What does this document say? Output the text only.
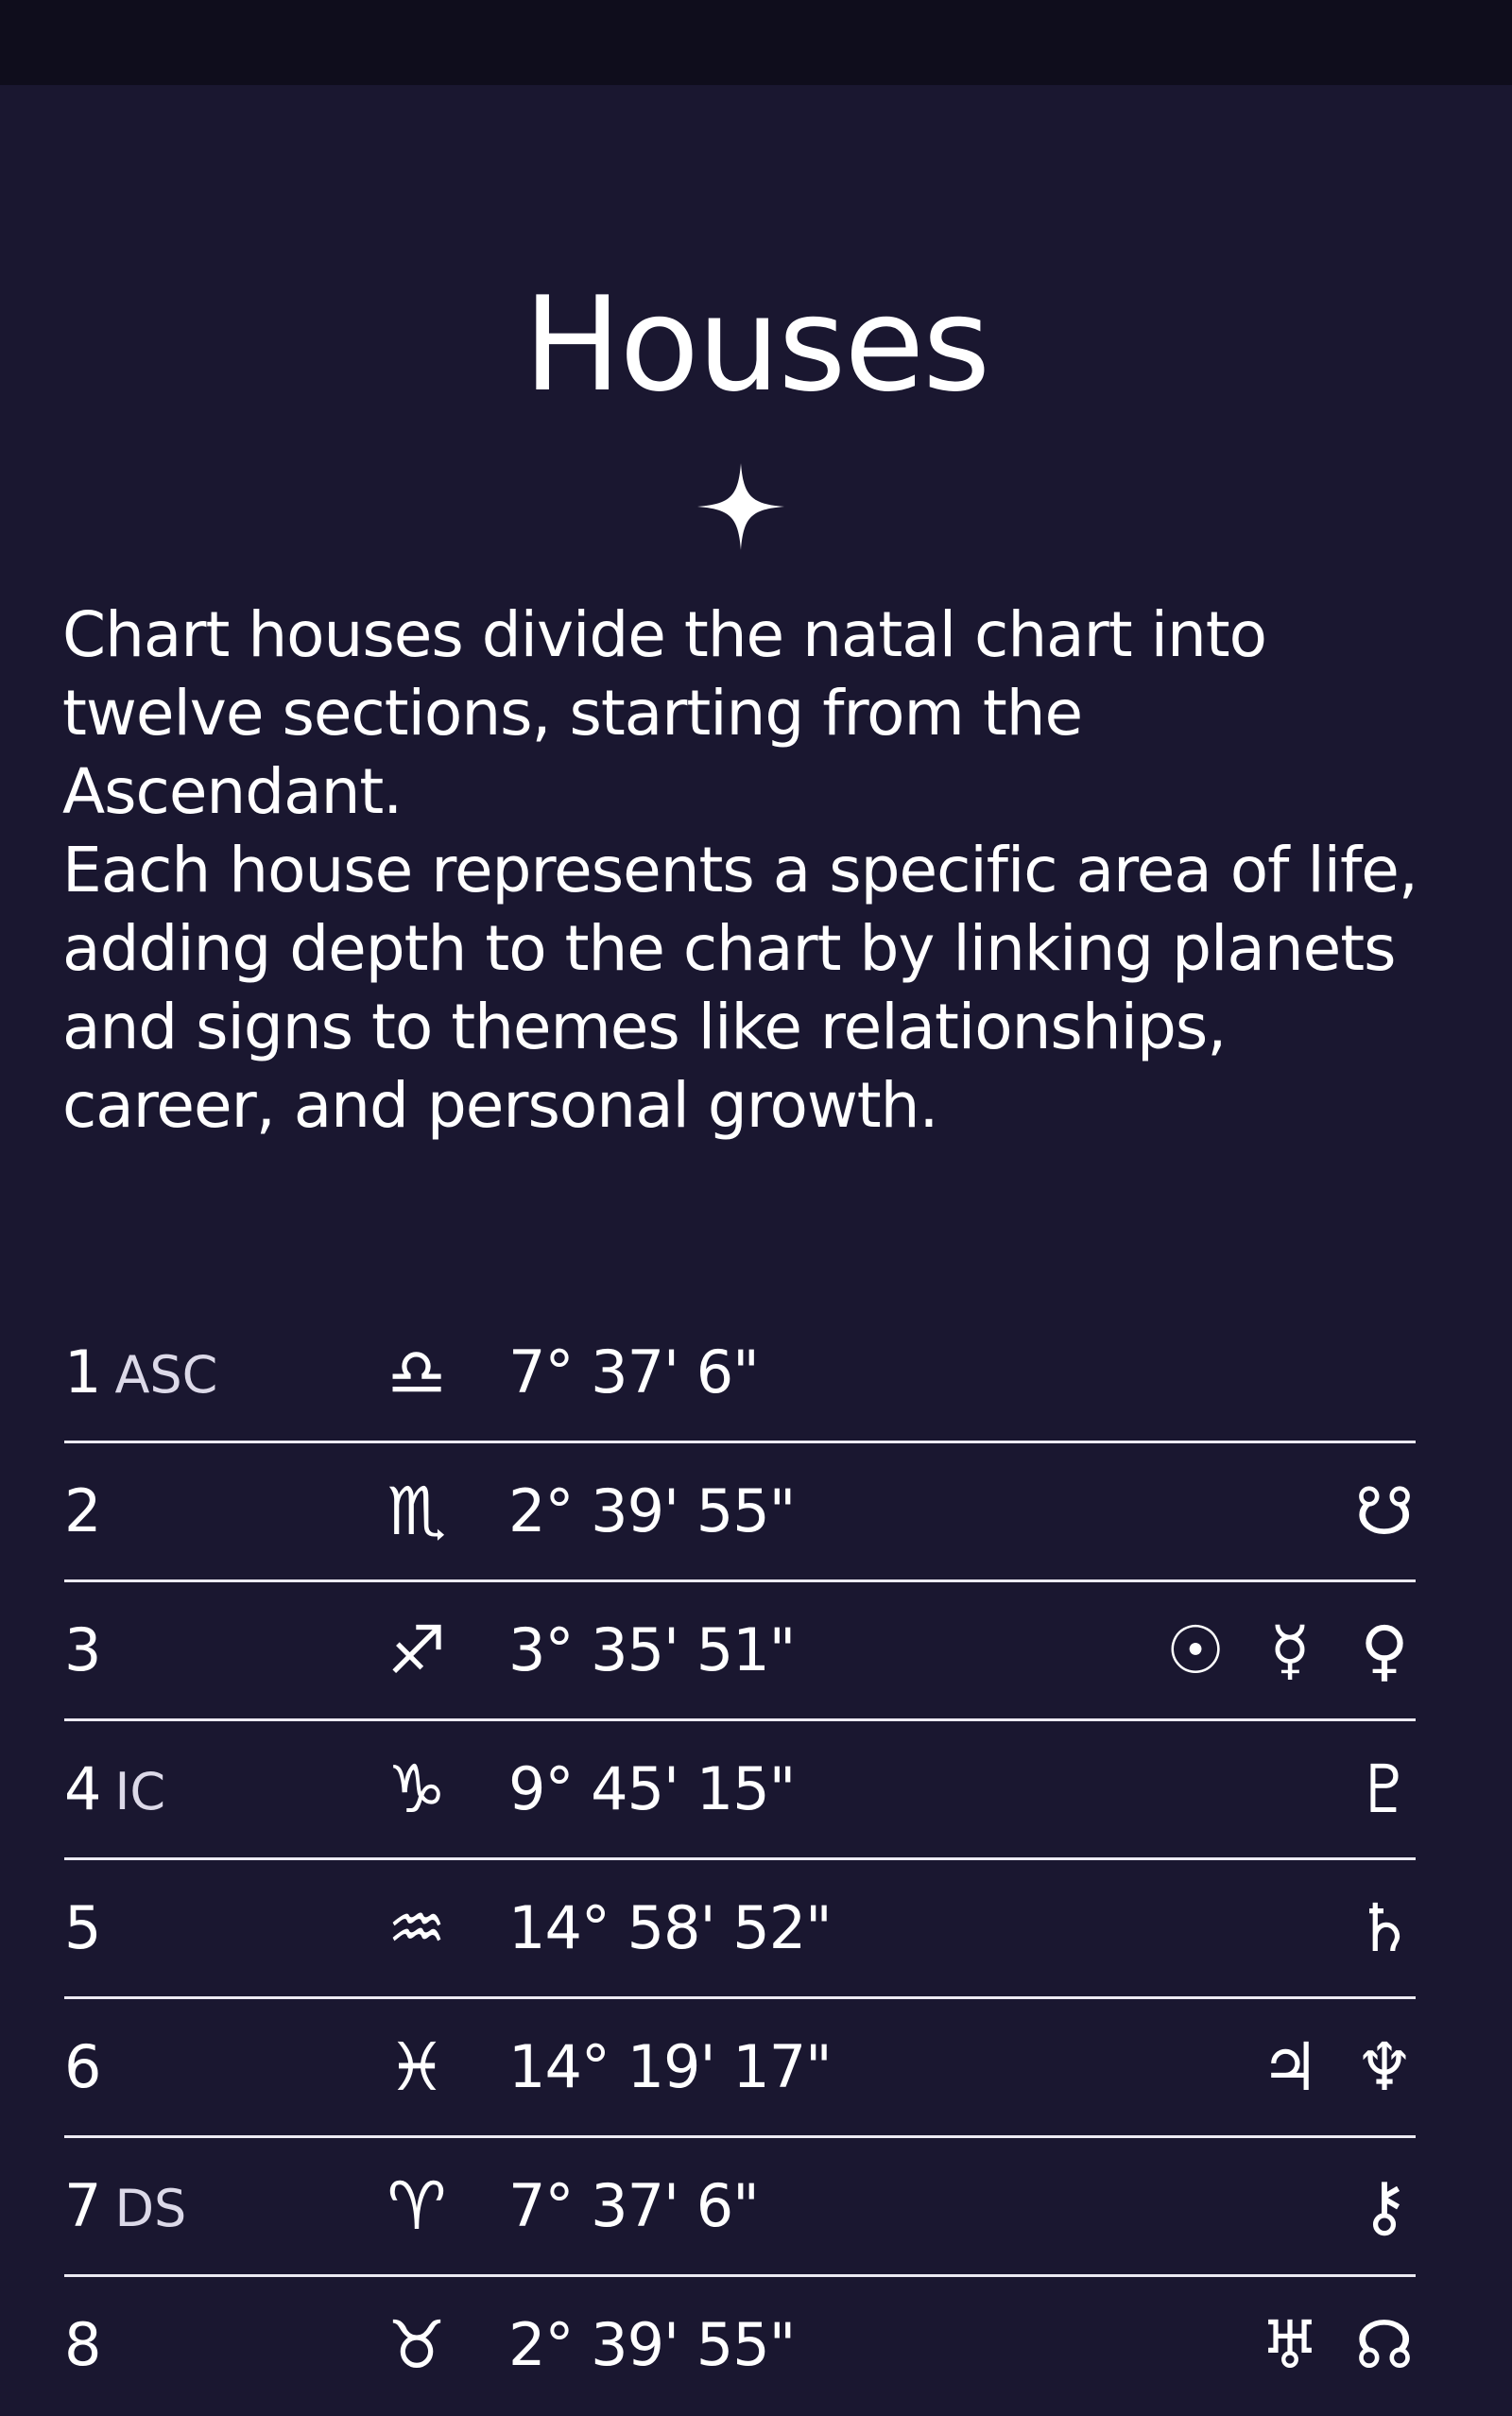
Houses

Chart houses divide the natal chart into twelve sections, starting from the Ascendant.

Each house represents a specific area of life, adding depth to the chart by linking planets and signs to themes like relationships, career, and personal growth.

1 ASC	♎︎	7° 37' 6"
2	♏︎	2° 39' 55"	☋
3	♐︎	3° 35' 51"	☉ ☿ ♀
4 IC	♑︎	9° 45' 15"	♇
5	♒︎	14° 58' 52"	♄
6	♓︎	14° 19' 17"	♃ ♆
7 DS	♈︎	7° 37' 6"	⚷
8	♉︎	2° 39' 55"	♅ ☊
